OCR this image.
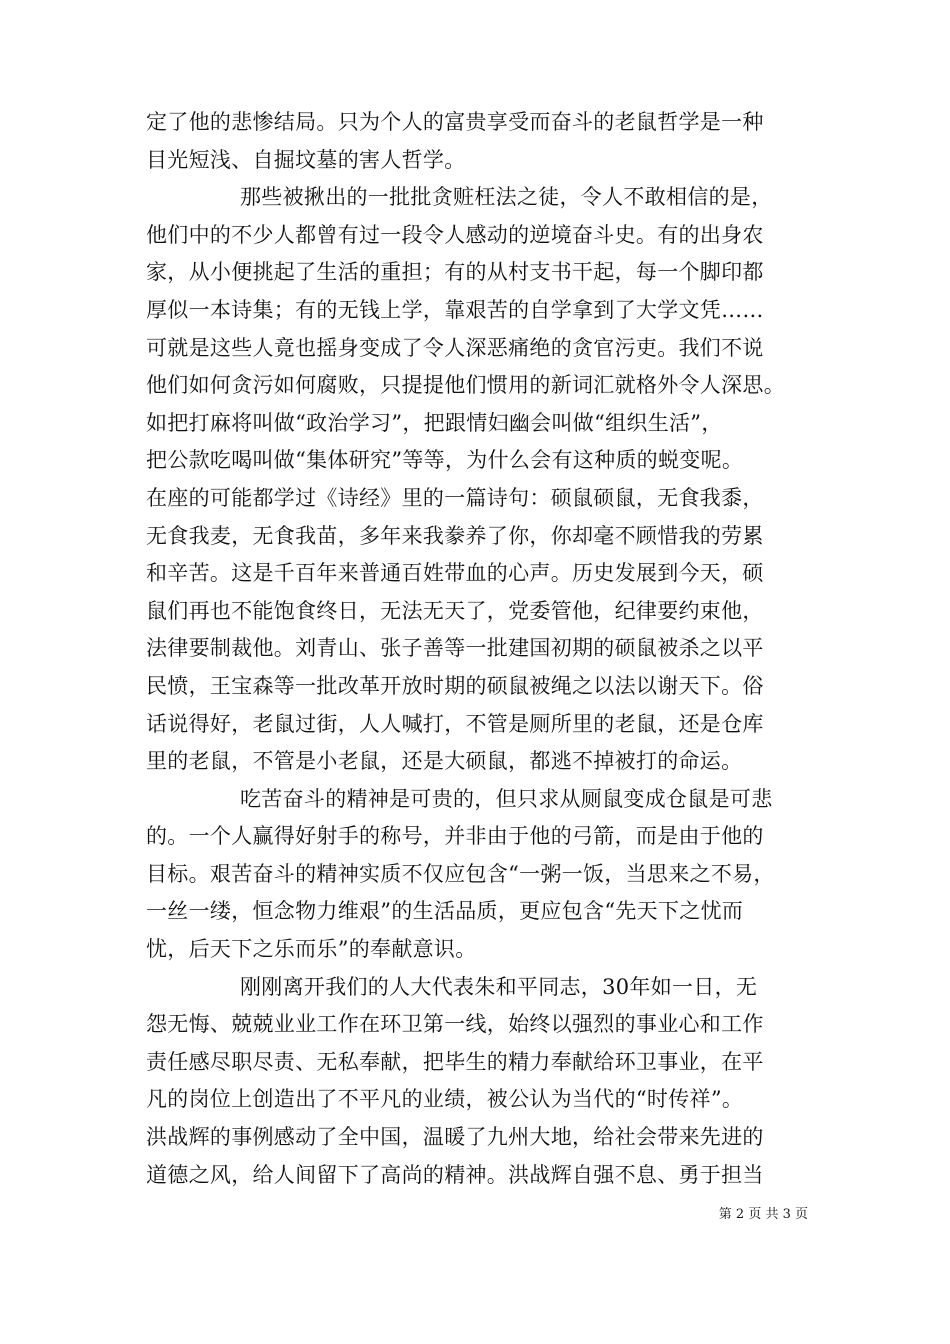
定了他的悲惨结局。只为个人的富贵享受而奋斗的老鼠哲学是一种
目光短浅、自掘坟墓的害人哲学。
那些被揪出的一批批贪赃枉法之徒，令人不敢相信的是，
他们中的不少人都曾有过一段令人感动的逆境奋斗史。有的出身农
家，从小便挑起了生活的重担；有的从村支书干起，每一个脚印都
厚似一本诗集；有的无钱上学，靠艰苦的自学拿到了大学文凭……
可就是这些人竟也摇身变成了令人深恶痛绝的贪官污吏。我们不说
他们如何贪污如何腐败，只提提他们惯用的新词汇就格外令人深思。
如把打麻将叫做“政治学习”，把跟情妇幽会叫做“组织生活”，
把公款吃喝叫做“集体研究”等等，为什么会有这种质的蜕变呢。
在座的可能都学过《诗经》里的一篇诗句：硕鼠硕鼠，无食我黍，
无食我麦，无食我苗，多年来我豢养了你，你却毫不顾惜我的劳累
和辛苦。这是千百年来普通百姓带血的心声。历史发展到今天，硕
鼠们再也不能饱食终日，无法无天了，党委管他，纪律要约束他，
法律要制裁他。刘青山、张子善等一批建国初期的硕鼠被杀之以平
民愤，王宝森等一批改革开放时期的硕鼠被绳之以法以谢天下。俗
话说得好，老鼠过街，人人喊打，不管是厕所里的老鼠，还是仓库
里的老鼠，不管是小老鼠，还是大硕鼠，都逃不掉被打的命运。
吃苦奋斗的精神是可贵的，但只求从厕鼠变成仓鼠是可悲
的。一个人赢得好射手的称号，并非由于他的弓箭，而是由于他的
目标。艰苦奋斗的精神实质不仅应包含“一粥一饭，当思来之不易，
一丝一缕，恒念物力维艰”的生活品质，更应包含“先天下之忧而
忧，后天下之乐而乐”的奉献意识。
刚刚离开我们的人大代表朱和平同志，30年如一日，无
怨无悔、兢兢业业工作在环卫第一线，始终以强烈的事业心和工作
责任感尽职尽责、无私奉献，把毕生的精力奉献给环卫事业，在平
凡的岗位上创造出了不平凡的业绩，被公认为当代的“时传祥”。
洪战辉的事例感动了全中国，温暖了九州大地，给社会带来先进的
道德之风，给人间留下了高尚的精神。洪战辉自强不息、勇于担当
第 2 页 共 3 页
